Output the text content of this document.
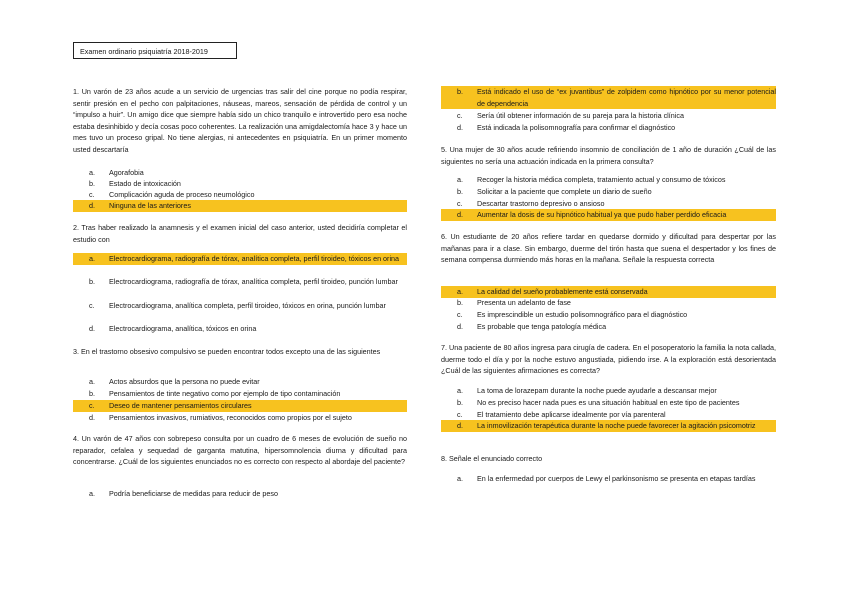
Examen ordinario psiquiatría 2018-2019
1. Un varón de 23 años acude a un servicio de urgencias tras salir del cine porque no podía respirar, sentir presión en el pecho con palpitaciones, náuseas, mareos, sensación de pérdida de control y un “impulso a huir”. Un amigo dice que siempre había sido un chico tranquilo e introvertido pero esa noche estaba desinhibido y decía cosas poco coherentes. La realización una amigdalectomía hace 3 y hace un mes tuvo un proceso gripal. No tiene alergias, ni antecedentes en psiquiatría. En un primer momento usted descartaría
a.	Agorafobia
b.	Estado de intoxicación
c.	Complicación aguda de proceso neumológico
d.	Ninguna de las anteriores
2. Tras haber realizado la anamnesis y el examen inicial del caso anterior, usted decidiría completar el estudio con
a.	Electrocardiograma, radiografía de tórax, analítica completa, perfil tiroideo, tóxicos en orina
b.	Electrocardiograma, radiografía de tórax, analítica completa, perfil tiroideo, punción lumbar
c.	Electrocardiograma, analítica completa, perfil tiroideo, tóxicos en orina, punción lumbar
d.	Electrocardiograma, analítica, tóxicos en orina
3. En el trastorno obsesivo compulsivo se pueden encontrar todos excepto una de las siguientes
a.	Actos absurdos que la persona no puede evitar
b.	Pensamientos de tinte negativo como por ejemplo de tipo contaminación
c.	Deseo de mantener pensamientos circulares
d.	Pensamientos invasivos, rumiativos, reconocidos como propios por el sujeto
4. Un varón de 47 años con sobrepeso consulta por un cuadro de 6 meses de evolución de sueño no reparador, cefalea y sequedad de garganta matutina, hipersomnolencia diurna y dificultad para concentrarse. ¿Cuál de los siguientes enunciados no es correcto con respecto al abordaje del paciente?
a.	Podría beneficiarse de medidas para reducir de peso
b.	Está indicado el uso de “ex juvantibus” de zolpidem como hipnótico por su menor potencial de dependencia
c.	Sería útil obtener información de su pareja para la historia clínica
d.	Está indicada la polisomnografía para confirmar el diagnóstico
5. Una mujer de 30 años acude refiriendo insomnio de conciliación de 1 año de duración ¿Cuál de las siguientes no sería una actuación indicada en la primera consulta?
a.	Recoger la historia médica completa, tratamiento actual y consumo de tóxicos
b.	Solicitar a la paciente que complete un diario de sueño
c.	Descartar trastorno depresivo o ansioso
d.	Aumentar la dosis de su hipnótico habitual ya que pudo haber perdido eficacia
6. Un estudiante de 20 años refiere tardar en quedarse dormido y dificultad para despertar por las mañanas para ir a clase. Sin embargo, duerme del tirón hasta que suena el despertador y los fines de semana compensa durmiendo más horas en la mañana. Señale la respuesta correcta
a.	La calidad del sueño probablemente está conservada
b.	Presenta un adelanto de fase
c.	Es imprescindible un estudio polisomnográfico para el diagnóstico
d.	Es probable que tenga patología médica
7. Una paciente de 80 años ingresa para cirugía de cadera. En el posoperatorio la familia la nota callada, duerme todo el día y por la noche estuvo angustiada, pidiendo irse. A la exploración está desorientada ¿Cuál de las siguientes afirmaciones es correcta?
a.	La toma de lorazepam durante la noche puede ayudarle a descansar mejor
b.	No es preciso hacer nada pues es una situación habitual en este tipo de pacientes
c.	El tratamiento debe aplicarse idealmente por vía parenteral
d.	La inmovilización terapéutica durante la noche puede favorecer la agitación psicomotriz
8. Señale el enunciado correcto
a.	En la enfermedad por cuerpos de Lewy el parkinsonismo se presenta en etapas tardías
